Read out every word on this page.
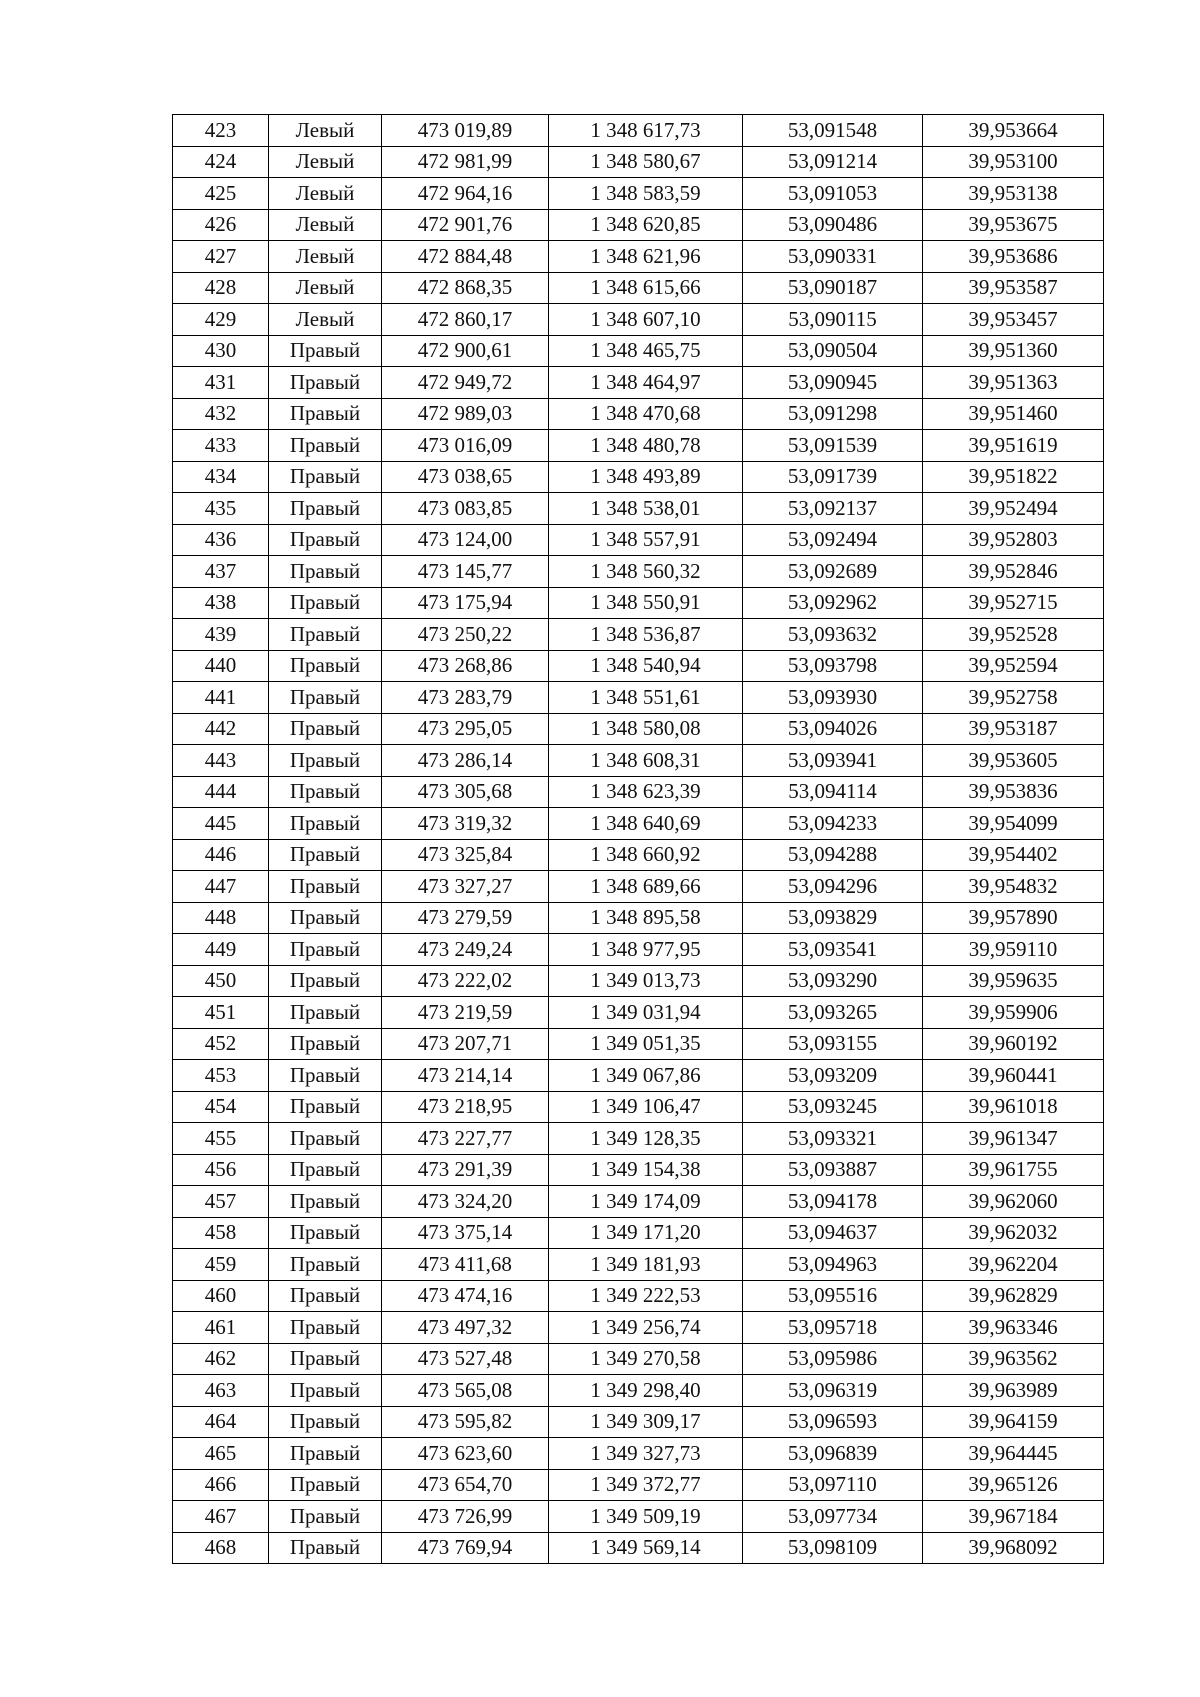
423	Левый	473 019,89	1 348 617,73	53,091548	39,953664
424	Левый	472 981,99	1 348 580,67	53,091214	39,953100
425	Левый	472 964,16	1 348 583,59	53,091053	39,953138
426	Левый	472 901,76	1 348 620,85	53,090486	39,953675
427	Левый	472 884,48	1 348 621,96	53,090331	39,953686
428	Левый	472 868,35	1 348 615,66	53,090187	39,953587
429	Левый	472 860,17	1 348 607,10	53,090115	39,953457
430	Правый	472 900,61	1 348 465,75	53,090504	39,951360
431	Правый	472 949,72	1 348 464,97	53,090945	39,951363
432	Правый	472 989,03	1 348 470,68	53,091298	39,951460
433	Правый	473 016,09	1 348 480,78	53,091539	39,951619
434	Правый	473 038,65	1 348 493,89	53,091739	39,951822
435	Правый	473 083,85	1 348 538,01	53,092137	39,952494
436	Правый	473 124,00	1 348 557,91	53,092494	39,952803
437	Правый	473 145,77	1 348 560,32	53,092689	39,952846
438	Правый	473 175,94	1 348 550,91	53,092962	39,952715
439	Правый	473 250,22	1 348 536,87	53,093632	39,952528
440	Правый	473 268,86	1 348 540,94	53,093798	39,952594
441	Правый	473 283,79	1 348 551,61	53,093930	39,952758
442	Правый	473 295,05	1 348 580,08	53,094026	39,953187
443	Правый	473 286,14	1 348 608,31	53,093941	39,953605
444	Правый	473 305,68	1 348 623,39	53,094114	39,953836
445	Правый	473 319,32	1 348 640,69	53,094233	39,954099
446	Правый	473 325,84	1 348 660,92	53,094288	39,954402
447	Правый	473 327,27	1 348 689,66	53,094296	39,954832
448	Правый	473 279,59	1 348 895,58	53,093829	39,957890
449	Правый	473 249,24	1 348 977,95	53,093541	39,959110
450	Правый	473 222,02	1 349 013,73	53,093290	39,959635
451	Правый	473 219,59	1 349 031,94	53,093265	39,959906
452	Правый	473 207,71	1 349 051,35	53,093155	39,960192
453	Правый	473 214,14	1 349 067,86	53,093209	39,960441
454	Правый	473 218,95	1 349 106,47	53,093245	39,961018
455	Правый	473 227,77	1 349 128,35	53,093321	39,961347
456	Правый	473 291,39	1 349 154,38	53,093887	39,961755
457	Правый	473 324,20	1 349 174,09	53,094178	39,962060
458	Правый	473 375,14	1 349 171,20	53,094637	39,962032
459	Правый	473 411,68	1 349 181,93	53,094963	39,962204
460	Правый	473 474,16	1 349 222,53	53,095516	39,962829
461	Правый	473 497,32	1 349 256,74	53,095718	39,963346
462	Правый	473 527,48	1 349 270,58	53,095986	39,963562
463	Правый	473 565,08	1 349 298,40	53,096319	39,963989
464	Правый	473 595,82	1 349 309,17	53,096593	39,964159
465	Правый	473 623,60	1 349 327,73	53,096839	39,964445
466	Правый	473 654,70	1 349 372,77	53,097110	39,965126
467	Правый	473 726,99	1 349 509,19	53,097734	39,967184
468	Правый	473 769,94	1 349 569,14	53,098109	39,968092
